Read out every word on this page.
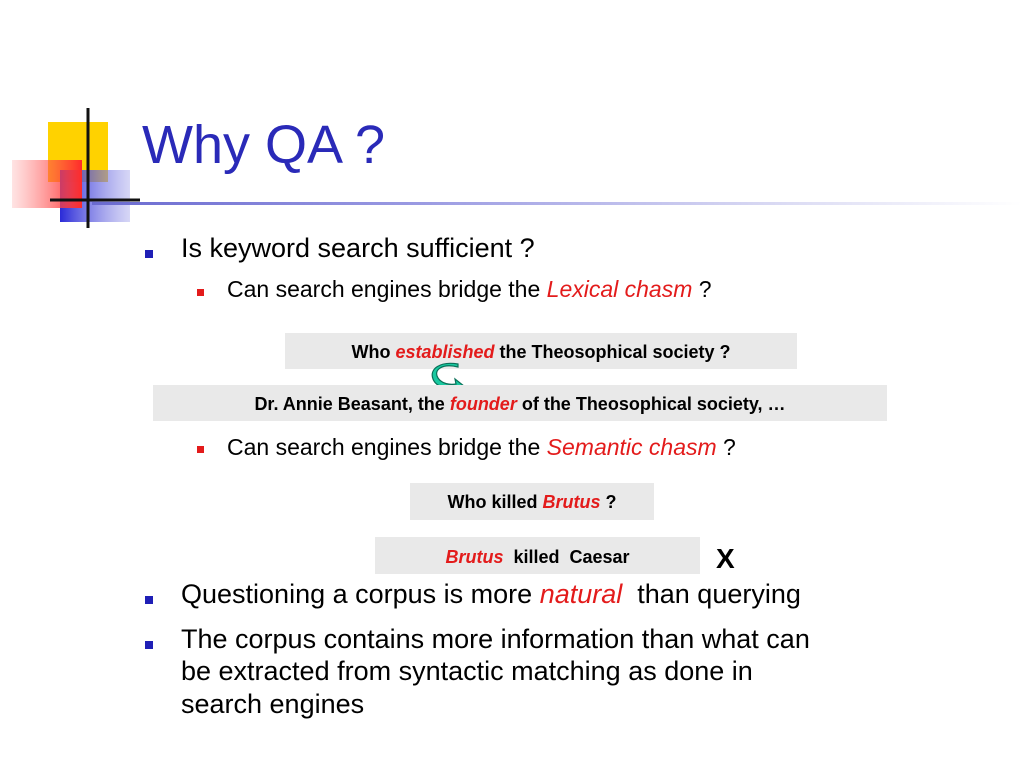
Why QA ?
Is keyword search sufficient ?
Can search engines bridge the Lexical chasm ?
Who established the Theosophical society ?
Dr. Annie Beasant, the founder of the Theosophical society, …
Can search engines bridge the Semantic chasm ?
Who killed Brutus ?
Brutus  killed  Caesar	X
Questioning a corpus is more natural  than querying
The corpus contains more information than what can
be extracted from syntactic matching as done in
search engines
